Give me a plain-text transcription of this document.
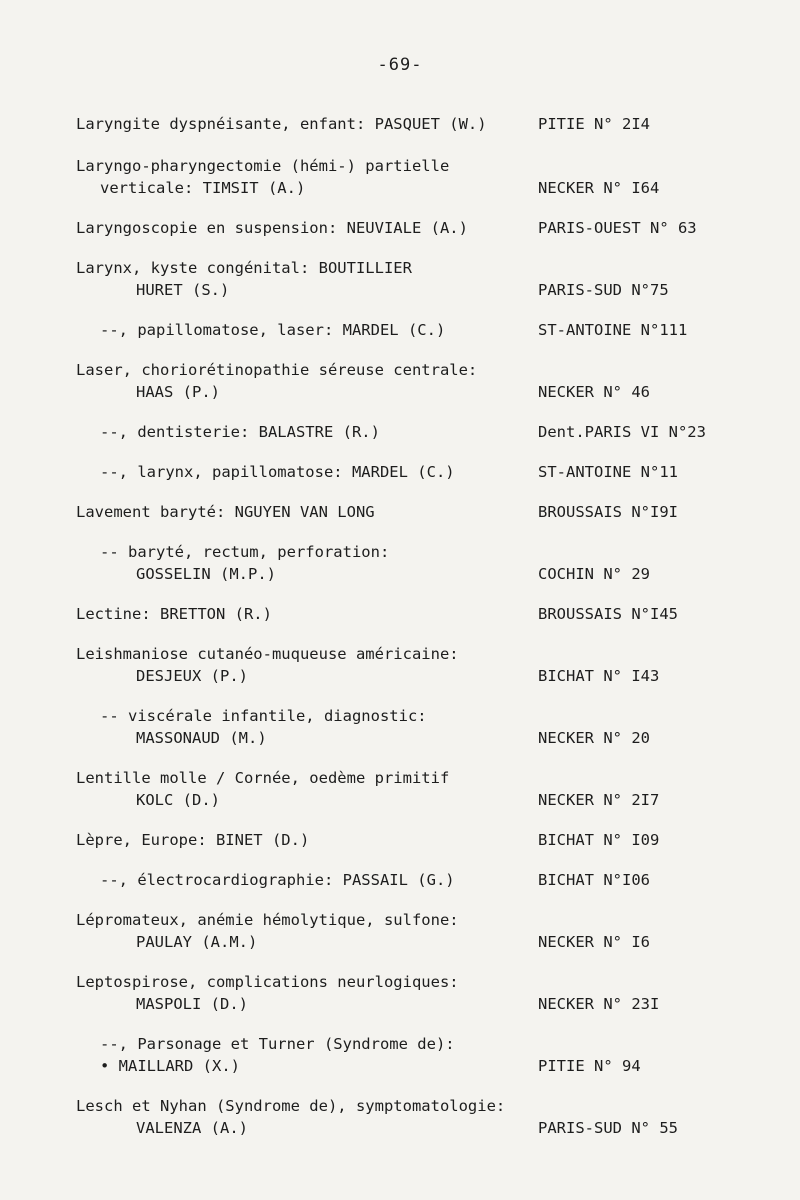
-69-
Laryngite dyspnéisante, enfant: PASQUET (W.)	PITIE N° 2I4
Laryngo-pharyngectomie (hémi-) partielle
verticale: TIMSIT (A.)	NECKER N° I64
Laryngoscopie en suspension: NEUVIALE (A.)	PARIS-OUEST N° 63
Larynx, kyste congénital: BOUTILLIER
HURET (S.)	PARIS-SUD N°75
--, papillomatose, laser: MARDEL (C.)	ST-ANTOINE N°111
Laser, choriorétinopathie séreuse centrale:
HAAS (P.)	NECKER N° 46
--, dentisterie: BALASTRE (R.)	Dent.PARIS VI N°23
--, larynx, papillomatose: MARDEL (C.)	ST-ANTOINE N°11
Lavement baryté: NGUYEN VAN LONG	BROUSSAIS N°I9I
-- baryté, rectum, perforation:
GOSSELIN (M.P.)	COCHIN N° 29
Lectine: BRETTON (R.)	BROUSSAIS N°I45
Leishmaniose cutanéo-muqueuse américaine:
DESJEUX (P.)	BICHAT N° I43
-- viscérale infantile, diagnostic:
MASSONAUD (M.)	NECKER N° 20
Lentille molle / Cornée, oedème primitif
KOLC (D.)	NECKER N° 2I7
Lèpre, Europe: BINET (D.)	BICHAT N° I09
--, électrocardiographie: PASSAIL (G.)	BICHAT N°I06
Lépromateux, anémie hémolytique, sulfone:
PAULAY (A.M.)	NECKER N° I6
Leptospirose, complications neurlogiques:
MASPOLI (D.)	NECKER N° 23I
--, Parsonage et Turner (Syndrome de):
• MAILLARD (X.)	PITIE N° 94
Lesch et Nyhan (Syndrome de), symptomatologie:
VALENZA (A.)	PARIS-SUD N° 55
